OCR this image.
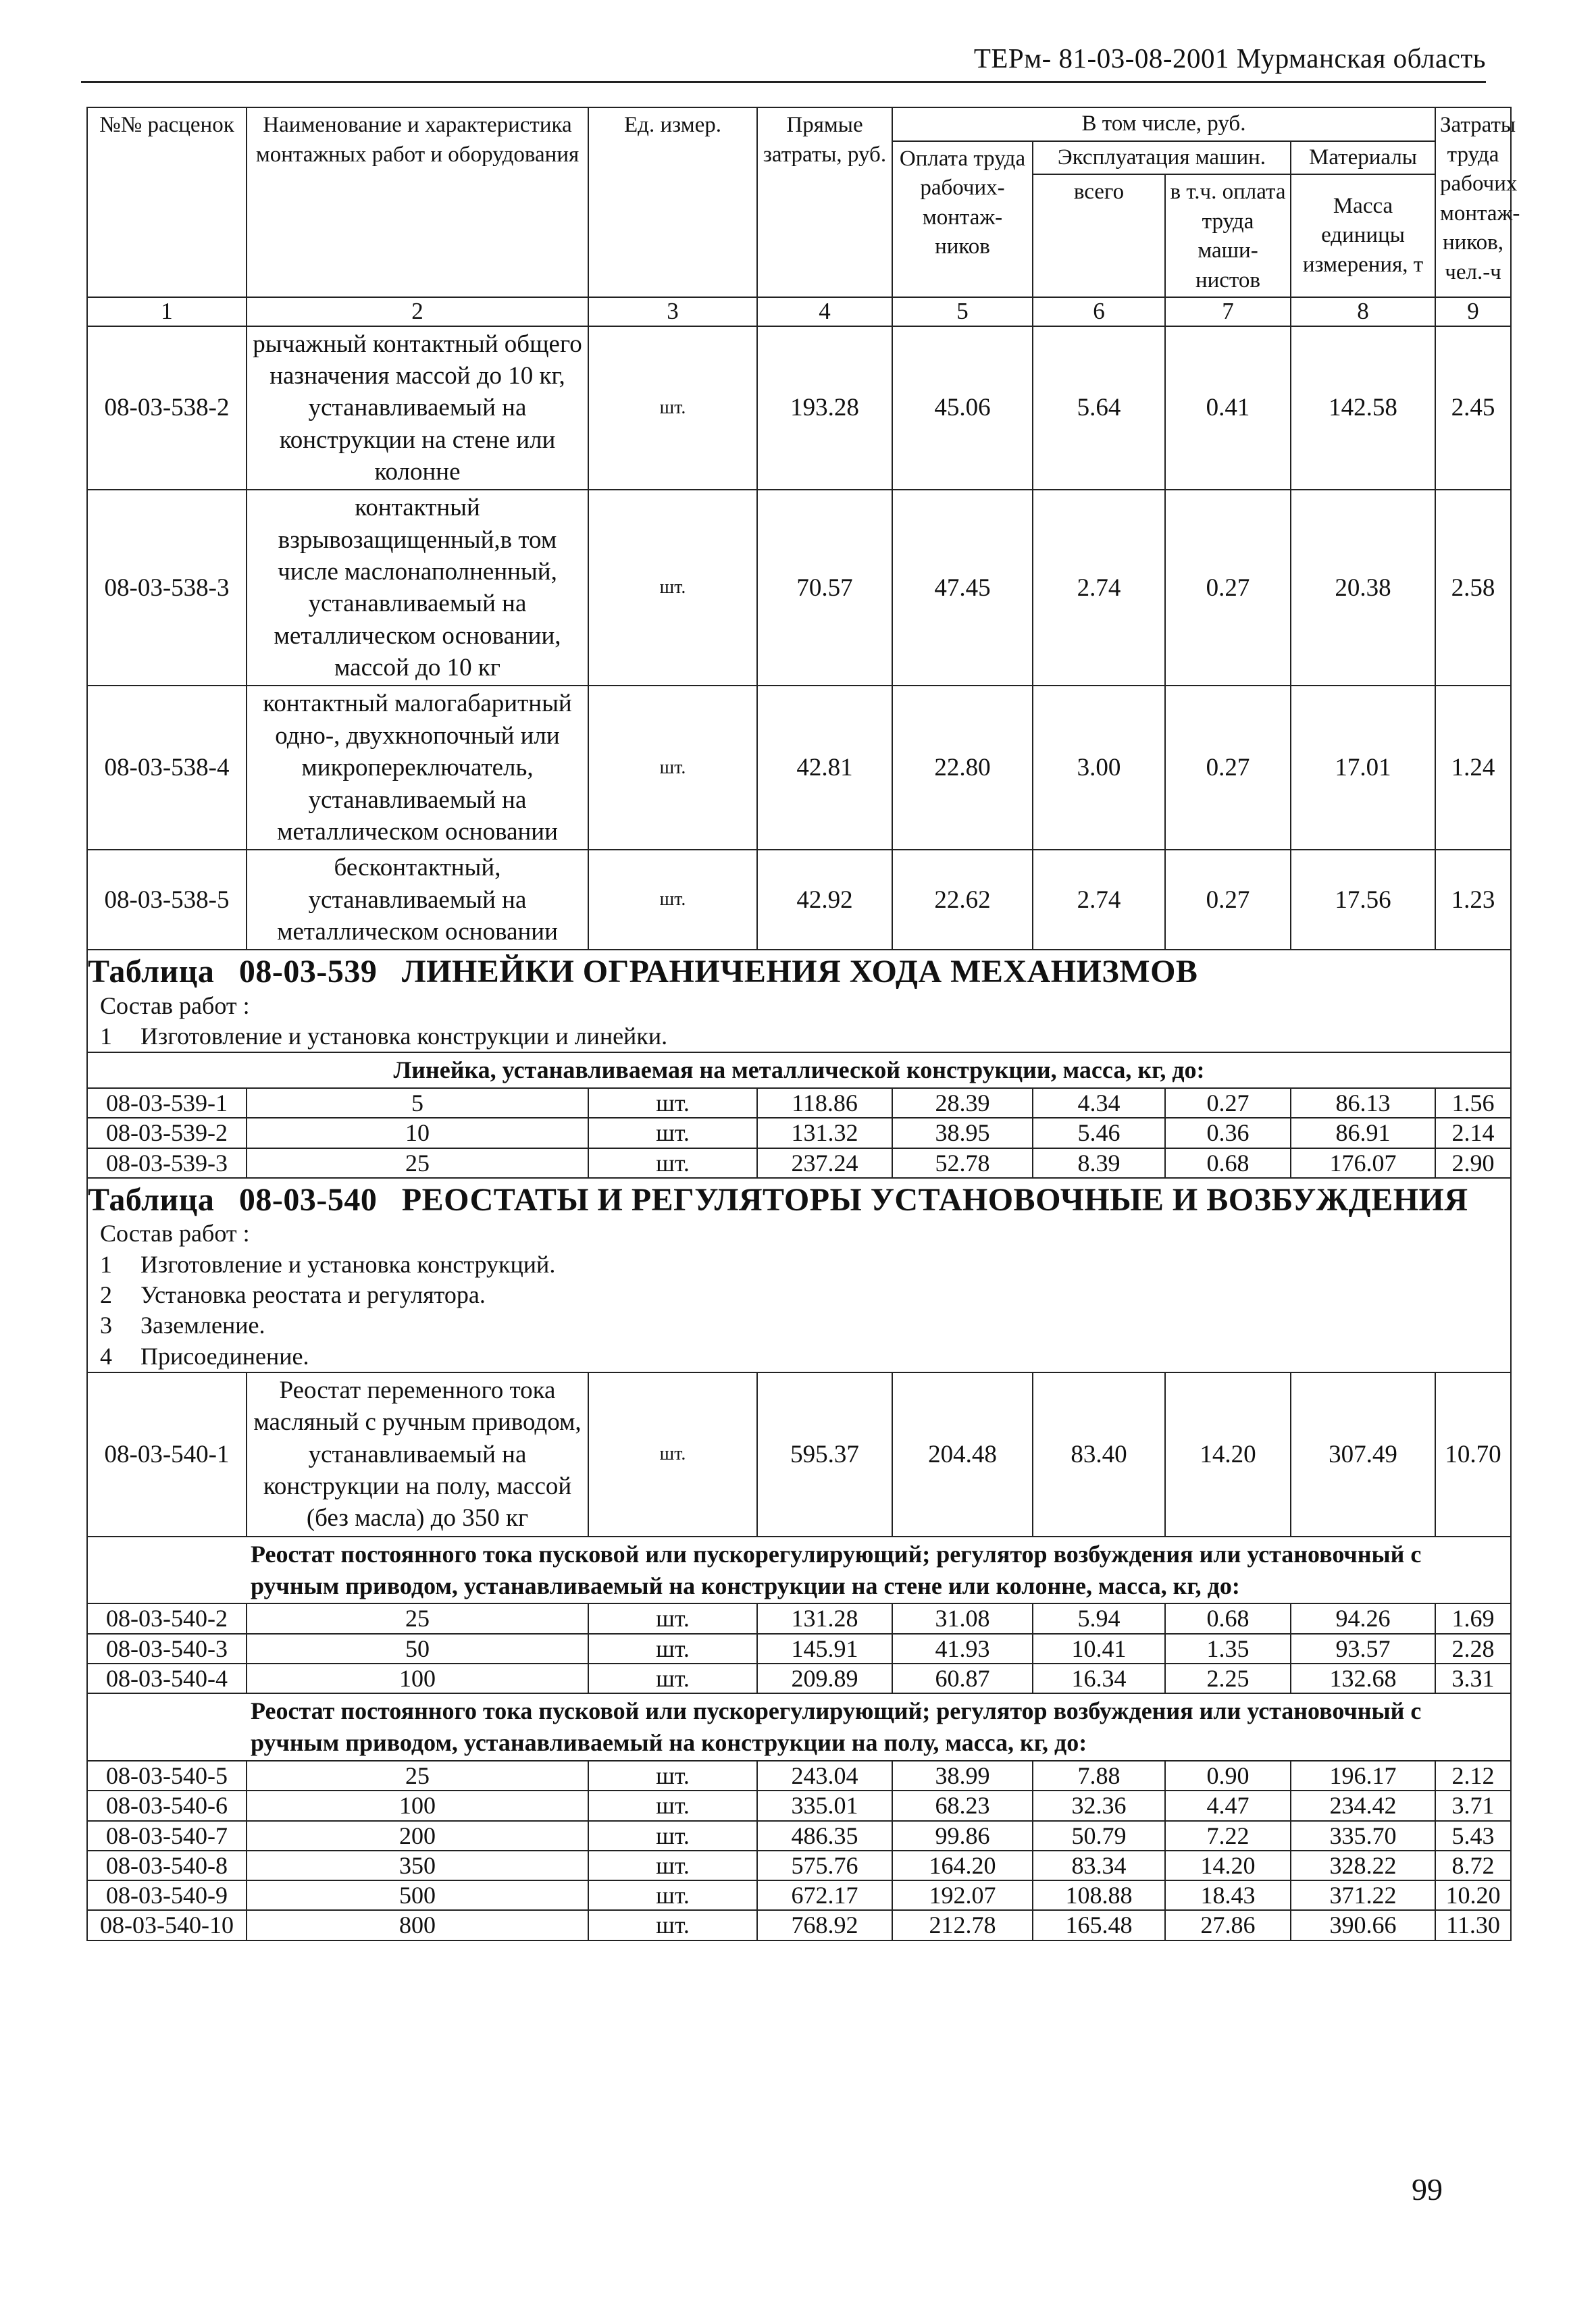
ТЕРм- 81-03-08-2001 Мурманская область
№№ расценок	Наименование и характеристика монтажных работ и оборудования	Ед. измер.	Прямые затраты, руб.	В том числе, руб.				Затраты труда рабочих монтаж-ников, чел.-ч
				Оплата труда рабочих-монтаж-ников	Эксплуатация машин.		Материалы	
					всего	в т.ч. оплата труда маши-нистов	Масса единицы измерения, т	
1	2	3	4	5	6	7	8	9
08-03-538-2	рычажный контактный общего назначения массой до 10 кг, устанавливаемый на конструкции на стене или колонне	шт.	193.28	45.06	5.64	0.41	142.58	2.45
08-03-538-3	контактный взрывозащищенный,в том числе маслонаполненный, устанавливаемый на металлическом основании, массой до 10 кг	шт.	70.57	47.45	2.74	0.27	20.38	2.58
08-03-538-4	контактный малогабаритный одно-, двухкнопочный или микропереключатель, устанавливаемый на металлическом основании	шт.	42.81	22.80	3.00	0.27	17.01	1.24
08-03-538-5	бесконтактный, устанавливаемый на металлическом основании	шт.	42.92	22.62	2.74	0.27	17.56	1.23
Таблица 08-03-539 ЛИНЕЙКИ ОГРАНИЧЕНИЯ ХОДА МЕХАНИЗМОВ								
Состав работ :								
1 Изготовление и установка конструкции и линейки.								
Линейка, устанавливаемая на металлической конструкции, масса, кг, до:								
08-03-539-1	5	шт.	118.86	28.39	4.34	0.27	86.13	1.56
08-03-539-2	10	шт.	131.32	38.95	5.46	0.36	86.91	2.14
08-03-539-3	25	шт.	237.24	52.78	8.39	0.68	176.07	2.90
Таблица 08-03-540 РЕОСТАТЫ И РЕГУЛЯТОРЫ УСТАНОВОЧНЫЕ И ВОЗБУЖДЕНИЯ								
Состав работ :								
1 Изготовление и установка конструкций.								
2 Установка реостата и регулятора.								
3 Заземление.								
4 Присоединение.								
08-03-540-1	Реостат переменного тока масляный с ручным приводом, устанавливаемый на конструкции на полу, массой (без масла) до 350 кг	шт.	595.37	204.48	83.40	14.20	307.49	10.70
	Реостат постоянного тока пусковой или пускорегулирующий; регулятор возбуждения или установочный с ручным приводом, устанавливаемый на конструкции на стене или колонне, масса, кг, до:							
08-03-540-2	25	шт.	131.28	31.08	5.94	0.68	94.26	1.69
08-03-540-3	50	шт.	145.91	41.93	10.41	1.35	93.57	2.28
08-03-540-4	100	шт.	209.89	60.87	16.34	2.25	132.68	3.31
	Реостат постоянного тока пусковой или пускорегулирующий; регулятор возбуждения или установочный с ручным приводом, устанавливаемый на конструкции на полу, масса, кг, до:							
08-03-540-5	25	шт.	243.04	38.99	7.88	0.90	196.17	2.12
08-03-540-6	100	шт.	335.01	68.23	32.36	4.47	234.42	3.71
08-03-540-7	200	шт.	486.35	99.86	50.79	7.22	335.70	5.43
08-03-540-8	350	шт.	575.76	164.20	83.34	14.20	328.22	8.72
08-03-540-9	500	шт.	672.17	192.07	108.88	18.43	371.22	10.20
08-03-540-10	800	шт.	768.92	212.78	165.48	27.86	390.66	11.30
99
